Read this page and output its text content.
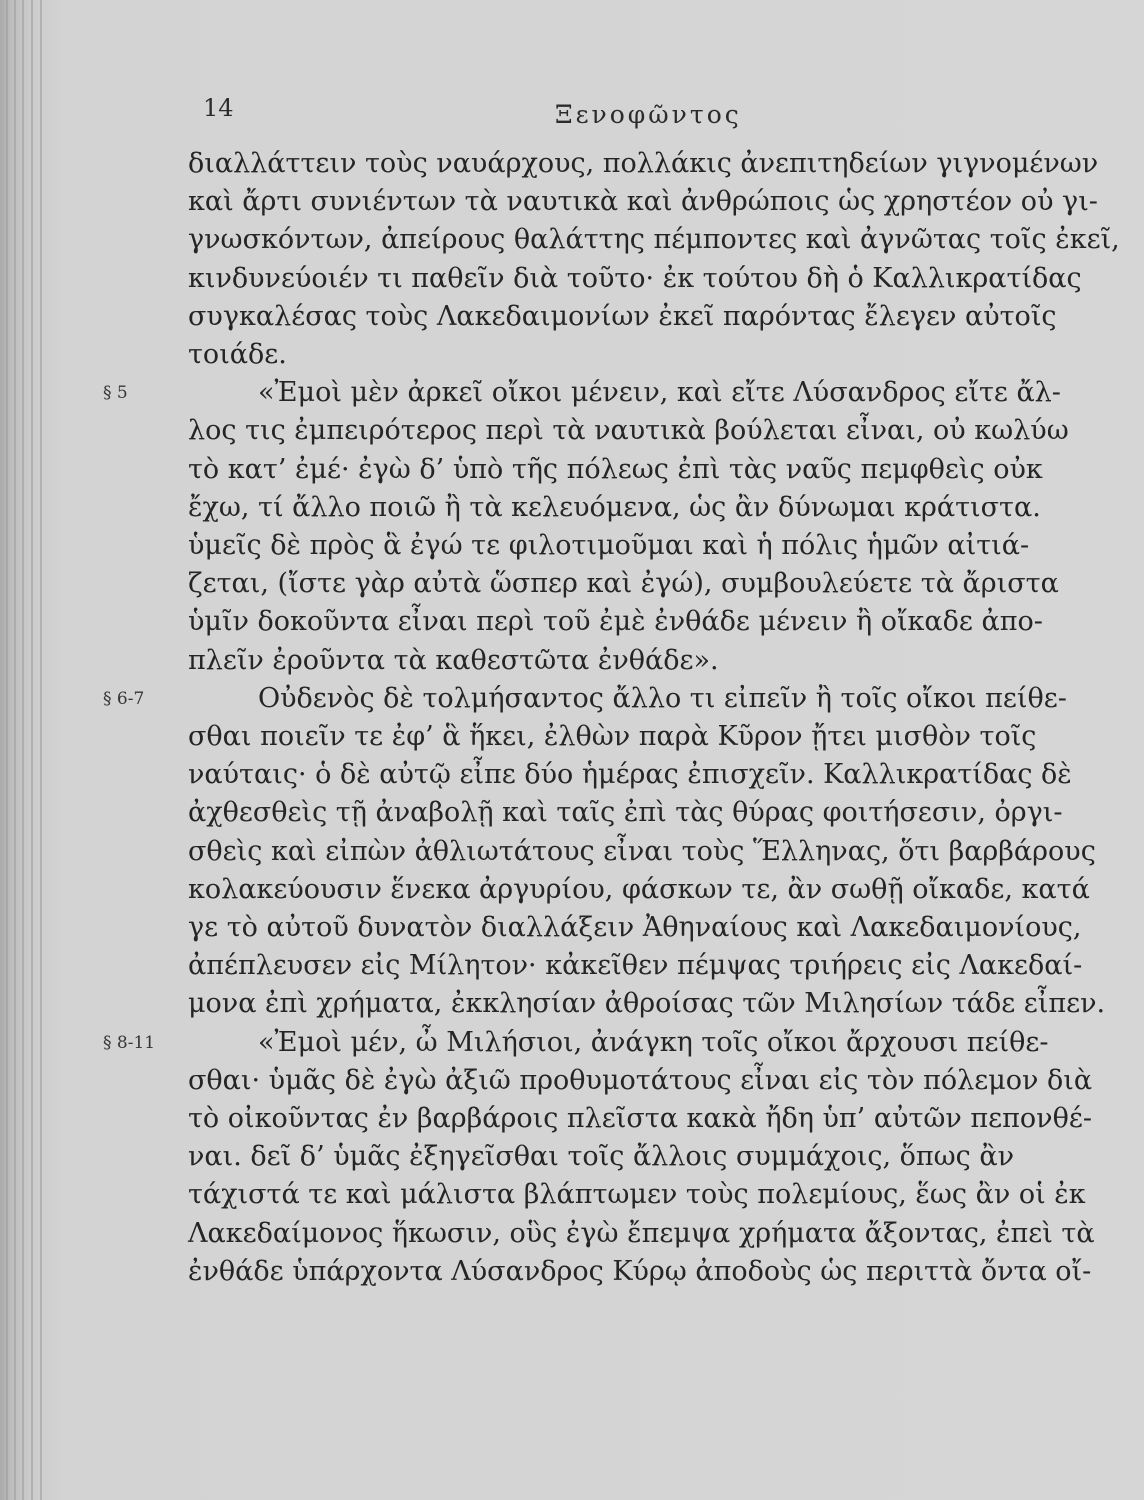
14	Ξενοφῶντος
διαλλάττειν τοὺς ναυάρχους, πολλάκις ἀνεπιτηδείων γιγνομένων
καὶ ἄρτι συνιέντων τὰ ναυτικὰ καὶ ἀνθρώποις ὡς χρηστέον οὐ γι-
γνωσκόντων, ἀπείρους θαλάττης πέμποντες καὶ ἀγνῶτας τοῖς ἐκεῖ,
κινδυνεύοιέν τι παθεῖν διὰ τοῦτο· ἐκ τούτου δὴ ὁ Καλλικρατίδας
συγκαλέσας τοὺς Λακεδαιμονίων ἐκεῖ παρόντας ἔλεγεν αὐτοῖς
τοιάδε.
§ 5	«Ἐμοὶ μὲν ἀρκεῖ οἴκοι μένειν, καὶ εἴτε Λύσανδρος εἴτε ἄλ-
λος τις ἐμπειρότερος περὶ τὰ ναυτικὰ βούλεται εἶναι, οὐ κωλύω
τὸ κατ’ ἐμέ· ἐγὼ δ’ ὑπὸ τῆς πόλεως ἐπὶ τὰς ναῦς πεμφθεὶς οὐκ
ἔχω, τί ἄλλο ποιῶ ἢ τὰ κελευόμενα, ὡς ἂν δύνωμαι κράτιστα.
ὑμεῖς δὲ πρὸς ἃ ἐγώ τε φιλοτιμοῦμαι καὶ ἡ πόλις ἡμῶν αἰτιά-
ζεται, (ἴστε γὰρ αὐτὰ ὥσπερ καὶ ἐγώ), συμβουλεύετε τὰ ἄριστα
ὑμῖν δοκοῦντα εἶναι περὶ τοῦ ἐμὲ ἐνθάδε μένειν ἢ οἴκαδε ἀπο-
πλεῖν ἐροῦντα τὰ καθεστῶτα ἐνθάδε».
§ 6-7	Οὐδενὸς δὲ τολμήσαντος ἄλλο τι εἰπεῖν ἢ τοῖς οἴκοι πείθε-
σθαι ποιεῖν τε ἐφ’ ἃ ἥκει, ἐλθὼν παρὰ Κῦρον ᾔτει μισθὸν τοῖς
ναύταις· ὁ δὲ αὐτῷ εἶπε δύο ἡμέρας ἐπισχεῖν. Καλλικρατίδας δὲ
ἀχθεσθεὶς τῇ ἀναβολῇ καὶ ταῖς ἐπὶ τὰς θύρας φοιτήσεσιν, ὀργι-
σθεὶς καὶ εἰπὼν ἀθλιωτάτους εἶναι τοὺς Ἕλληνας, ὅτι βαρβάρους
κολακεύουσιν ἕνεκα ἀργυρίου, φάσκων τε, ἂν σωθῇ οἴκαδε, κατά
γε τὸ αὐτοῦ δυνατὸν διαλλάξειν Ἀθηναίους καὶ Λακεδαιμονίους,
ἀπέπλευσεν εἰς Μίλητον· κἀκεῖθεν πέμψας τριήρεις εἰς Λακεδαί-
μονα ἐπὶ χρήματα, ἐκκλησίαν ἀθροίσας τῶν Μιλησίων τάδε εἶπεν.
§ 8-11	«Ἐμοὶ μέν, ὦ Μιλήσιοι, ἀνάγκη τοῖς οἴκοι ἄρχουσι πείθε-
σθαι· ὑμᾶς δὲ ἐγὼ ἀξιῶ προθυμοτάτους εἶναι εἰς τὸν πόλεμον διὰ
τὸ οἰκοῦντας ἐν βαρβάροις πλεῖστα κακὰ ἤδη ὑπ’ αὐτῶν πεπονθέ-
ναι. δεῖ δ’ ὑμᾶς ἐξηγεῖσθαι τοῖς ἄλλοις συμμάχοις, ὅπως ἂν
τάχιστά τε καὶ μάλιστα βλάπτωμεν τοὺς πολεμίους, ἕως ἂν οἱ ἐκ
Λακεδαίμονος ἥκωσιν, οὓς ἐγὼ ἔπεμψα χρήματα ἄξοντας, ἐπεὶ τὰ
ἐνθάδε ὑπάρχοντα Λύσανδρος Κύρῳ ἀποδοὺς ὡς περιττὰ ὄντα οἴ-
